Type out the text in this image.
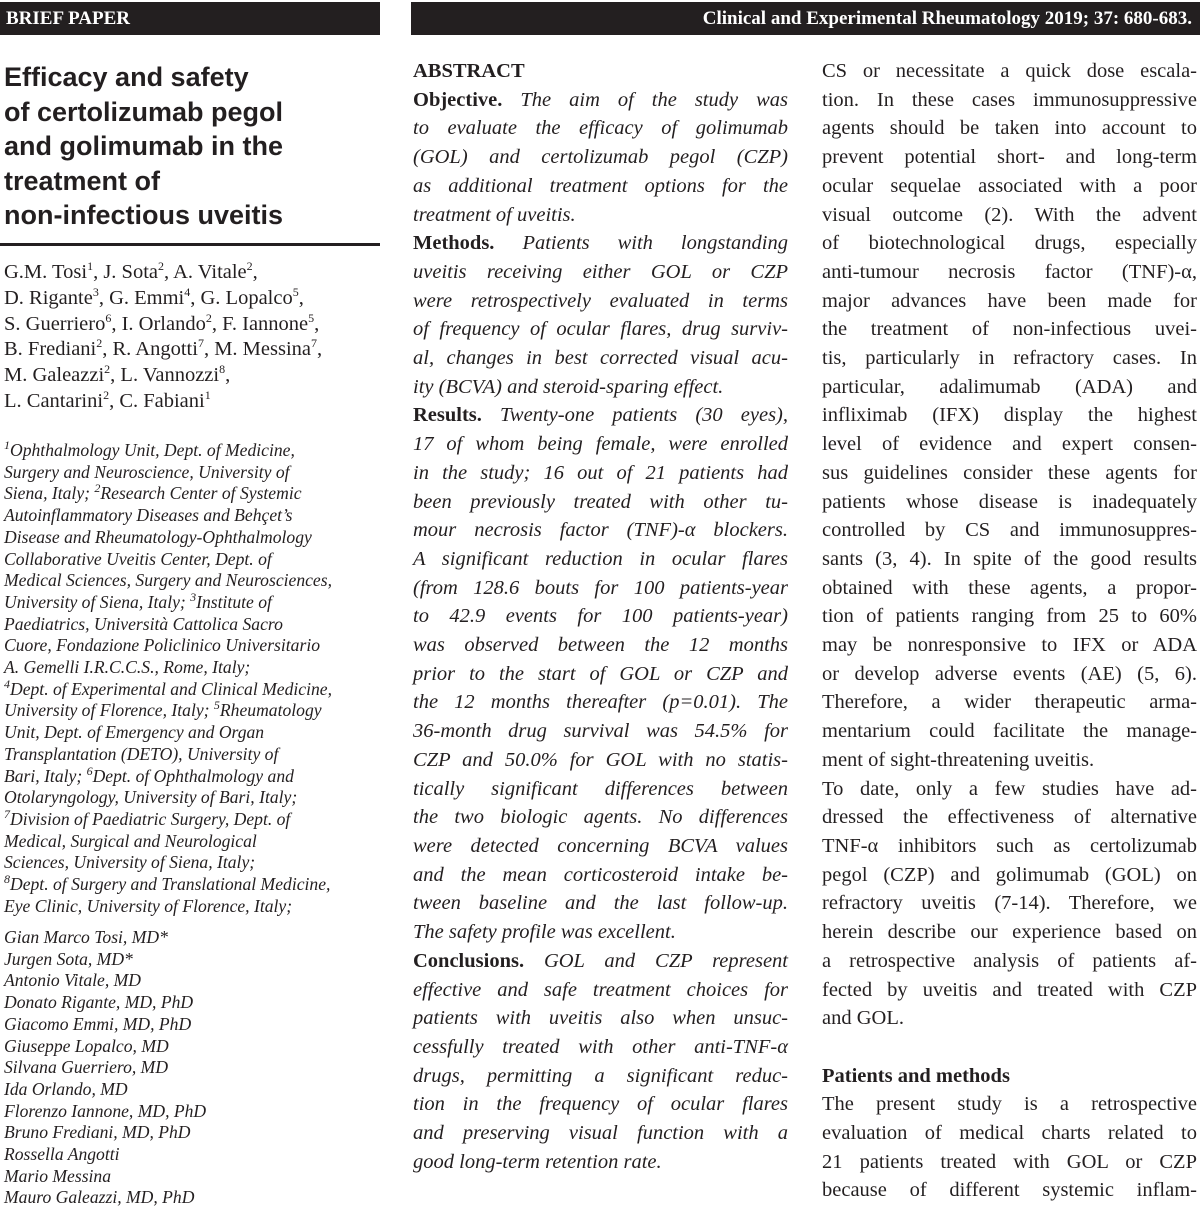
BRIEF PAPER	Clinical and Experimental Rheumatology 2019; 37: 680-683.
Efficacy and safety
of certolizumab pegol
and golimumab in the
treatment of
non-infectious uveitis
G.M. Tosi$^1$, J. Sota$^2$, A. Vitale$^2$,
D. Rigante$^3$, G. Emmi$^4$, G. Lopalco$^5$,
S. Guerriero$^6$, I. Orlando$^2$, F. Iannone$^5$,
B. Frediani$^2$, R. Angotti$^7$, M. Messina$^7$,
M. Galeazzi$^2$, L. Vannozzi$^8$,
L. Cantarini$^2$, C. Fabiani$^1$
$^1$Ophthalmology Unit, Dept. of Medicine,
Surgery and Neuroscience, University of
Siena, Italy; $^2$Research Center of Systemic
Autoinflammatory Diseases and Behçet’s
Disease and Rheumatology-Ophthalmology
Collaborative Uveitis Center, Dept. of
Medical Sciences, Surgery and Neurosciences,
University of Siena, Italy; $^3$Institute of
Paediatrics, Università Cattolica Sacro
Cuore, Fondazione Policlinico Universitario
A. Gemelli I.R.C.C.S., Rome, Italy;
$^4$Dept. of Experimental and Clinical Medicine,
University of Florence, Italy; $^5$Rheumatology
Unit, Dept. of Emergency and Organ
Transplantation (DETO), University of
Bari, Italy; $^6$Dept. of Ophthalmology and
Otolaryngology, University of Bari, Italy;
$^7$Division of Paediatric Surgery, Dept. of
Medical, Surgical and Neurological
Sciences, University of Siena, Italy;
$^8$Dept. of Surgery and Translational Medicine,
Eye Clinic, University of Florence, Italy;
Gian Marco Tosi, MD*
Jurgen Sota, MD*
Antonio Vitale, MD
Donato Rigante, MD, PhD
Giacomo Emmi, MD, PhD
Giuseppe Lopalco, MD
Silvana Guerriero, MD
Ida Orlando, MD
Florenzo Iannone, MD, PhD
Bruno Frediani, MD, PhD
Rossella Angotti
Mario Messina
Mauro Galeazzi, MD, PhD
ABSTRACT
Objective. The aim of the study was
to evaluate the efficacy of golimumab
(GOL) and certolizumab pegol (CZP)
as additional treatment options for the
treatment of uveitis.
Methods. Patients with longstanding
uveitis receiving either GOL or CZP
were retrospectively evaluated in terms
of frequency of ocular flares, drug surviv-
al, changes in best corrected visual acu-
ity (BCVA) and steroid-sparing effect.
Results. Twenty-one patients (30 eyes),
17 of whom being female, were enrolled
in the study; 16 out of 21 patients had
been previously treated with other tu-
mour necrosis factor (TNF)-α blockers.
A significant reduction in ocular flares
(from 128.6 bouts for 100 patients-year
to 42.9 events for 100 patients-year)
was observed between the 12 months
prior to the start of GOL or CZP and
the 12 months thereafter (p=0.01). The
36-month drug survival was 54.5% for
CZP and 50.0% for GOL with no statis-
tically significant differences between
the two biologic agents. No differences
were detected concerning BCVA values
and the mean corticosteroid intake be-
tween baseline and the last follow-up.
The safety profile was excellent.
Conclusions. GOL and CZP represent
effective and safe treatment choices for
patients with uveitis also when unsuc-
cessfully treated with other anti-TNF-α
drugs, permitting a significant reduc-
tion in the frequency of ocular flares
and preserving visual function with a
good long-term retention rate.
CS or necessitate a quick dose escala-
tion. In these cases immunosuppressive
agents should be taken into account to
prevent potential short- and long-term
ocular sequelae associated with a poor
visual outcome (2). With the advent
of biotechnological drugs, especially
anti-tumour necrosis factor (TNF)-α,
major advances have been made for
the treatment of non-infectious uvei-
tis, particularly in refractory cases. In
particular, adalimumab (ADA) and
infliximab (IFX) display the highest
level of evidence and expert consen-
sus guidelines consider these agents for
patients whose disease is inadequately
controlled by CS and immunosuppres-
sants (3, 4). In spite of the good results
obtained with these agents, a propor-
tion of patients ranging from 25 to 60%
may be nonresponsive to IFX or ADA
or develop adverse events (AE) (5, 6).
Therefore, a wider therapeutic arma-
mentarium could facilitate the manage-
ment of sight-threatening uveitis.
To date, only a few studies have ad-
dressed the effectiveness of alternative
TNF-α inhibitors such as certolizumab
pegol (CZP) and golimumab (GOL) on
refractory uveitis (7-14). Therefore, we
herein describe our experience based on
a retrospective analysis of patients af-
fected by uveitis and treated with CZP
and GOL.
Patients and methods
The present study is a retrospective
evaluation of medical charts related to
21 patients treated with GOL or CZP
because of different systemic inflam-
